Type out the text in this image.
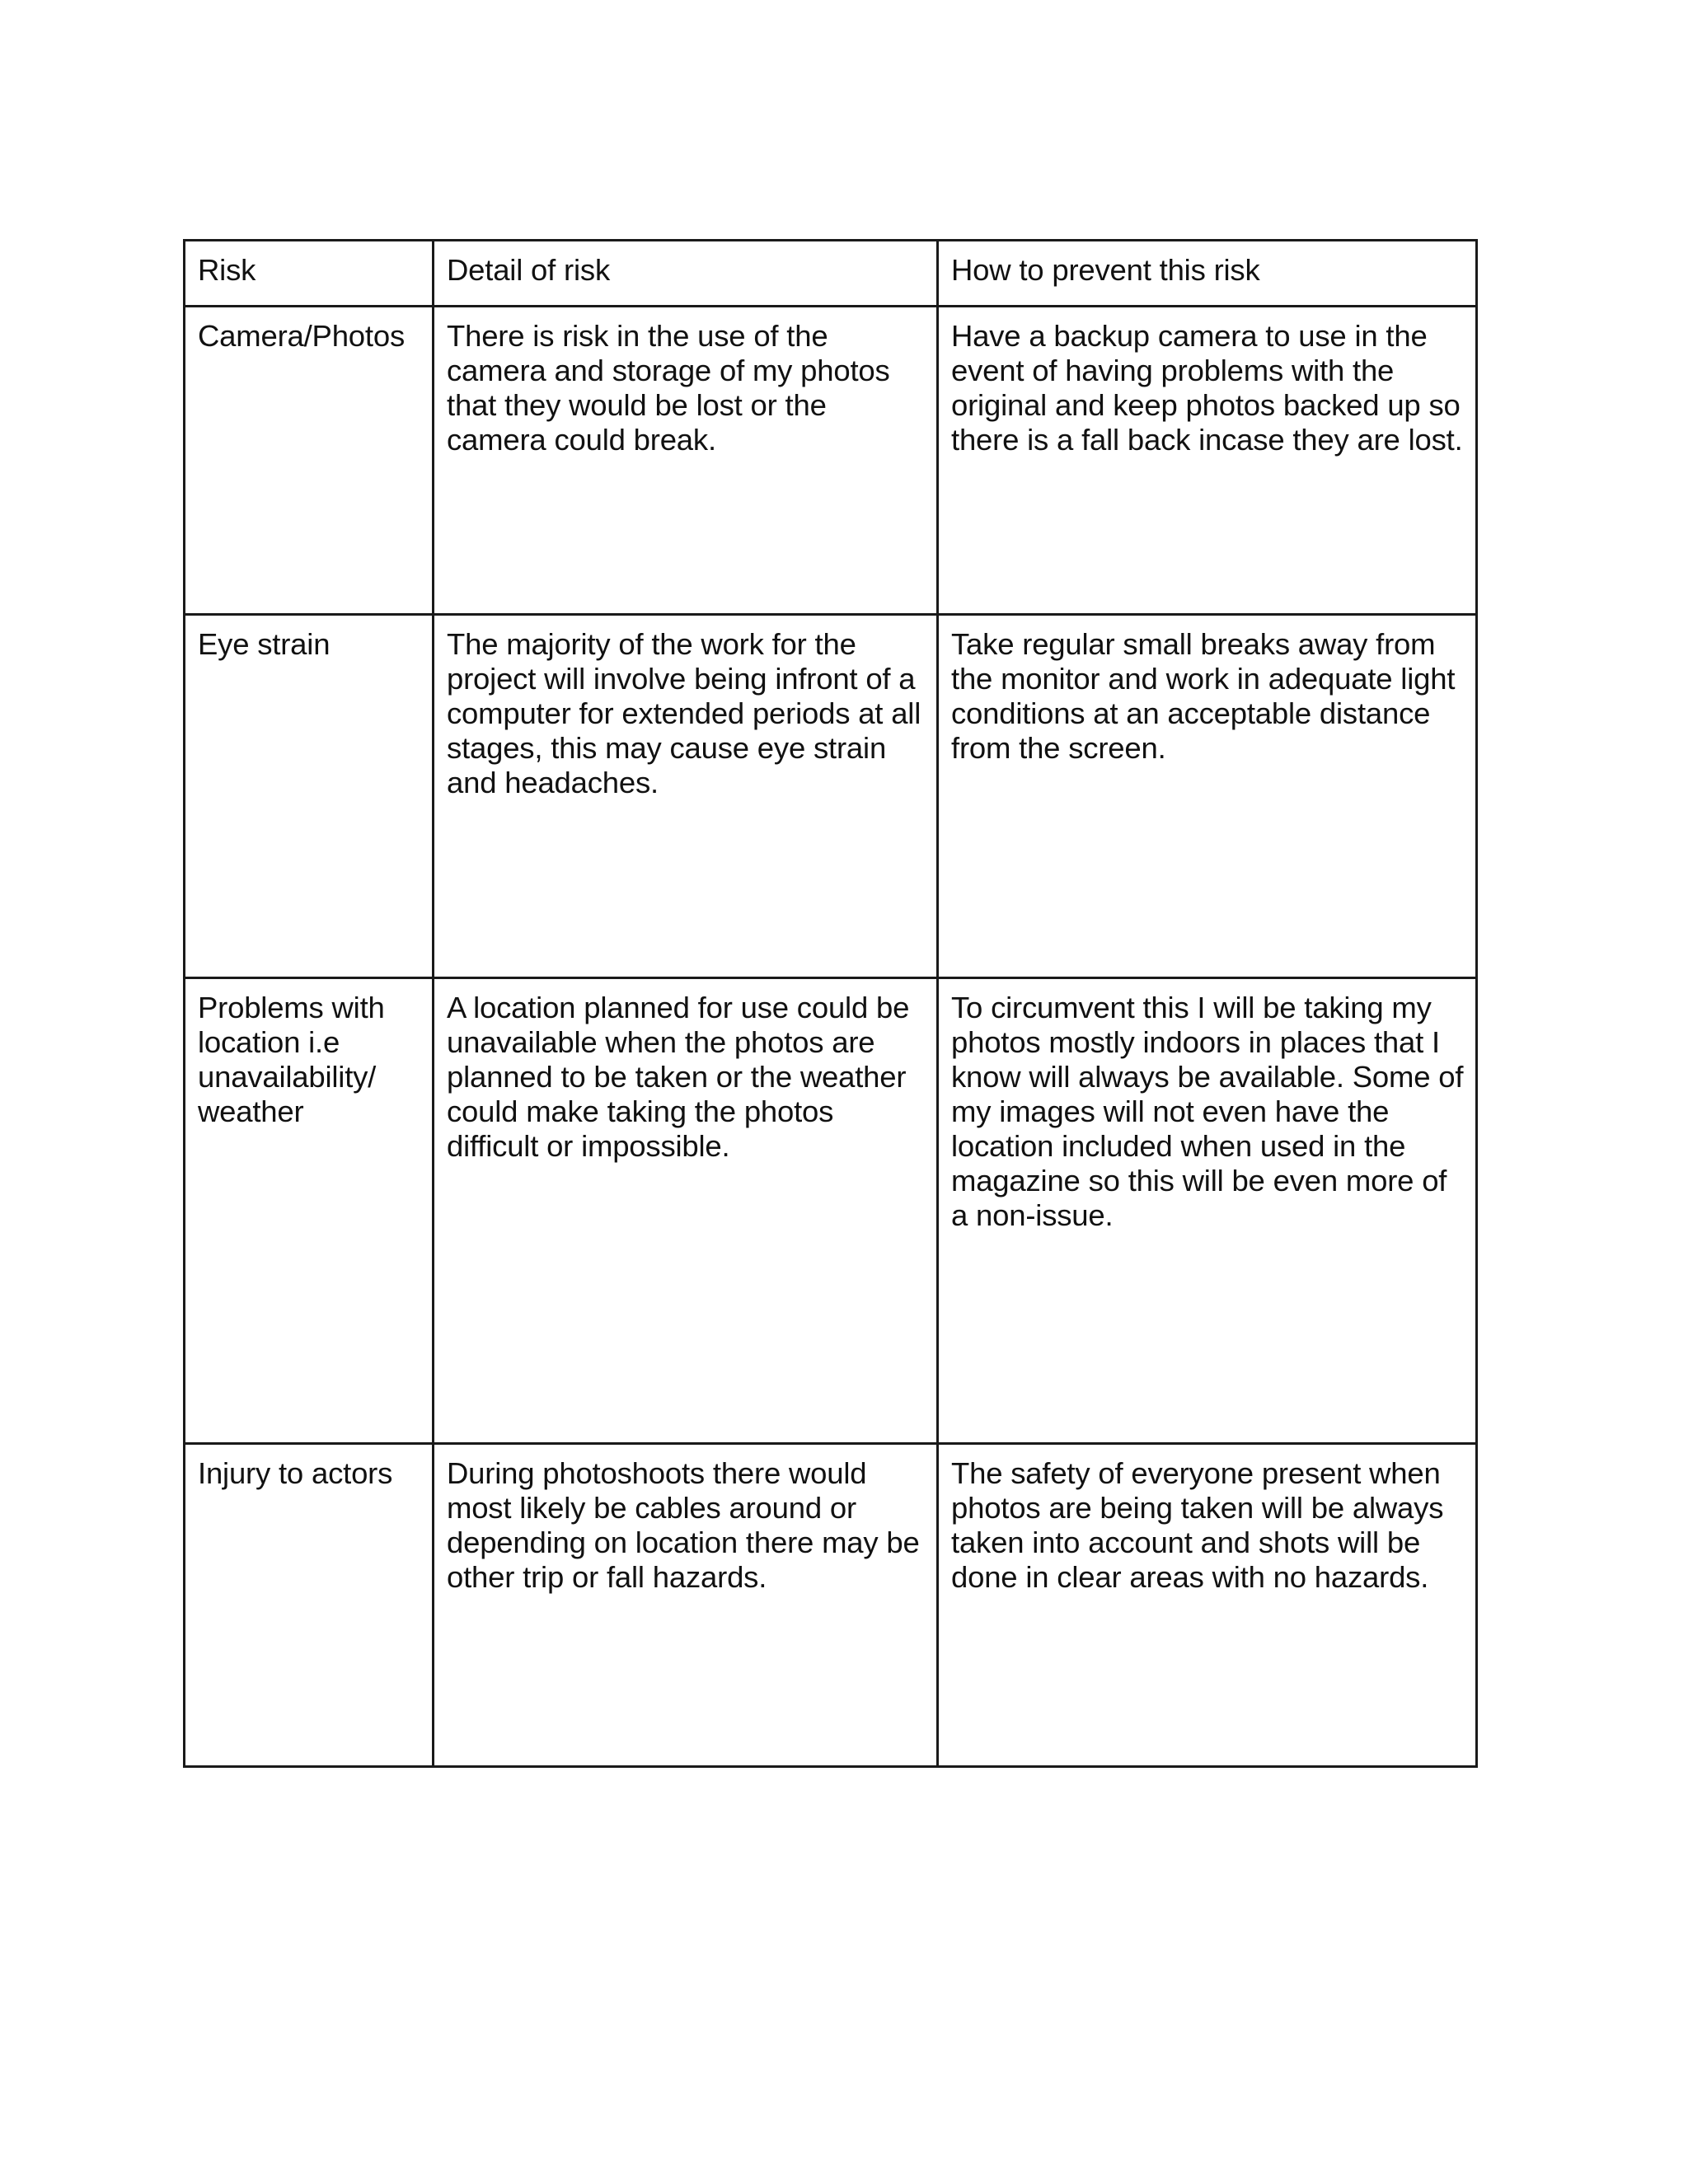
Risk	Detail of risk	How to prevent this risk

Camera/Photos	There is risk in the use of the camera and storage of my photos that they would be lost or the camera could break.	Have a backup camera to use in the event of having problems with the original and keep photos backed up so there is a fall back incase they are lost.

Eye strain	The majority of the work for the project will involve being infront of a computer for extended periods at all stages, this may cause eye strain and headaches.	Take regular small breaks away from the monitor and work in adequate light conditions at an acceptable distance from the screen.

Problems with location i.e unavailability/ weather	A location planned for use could be unavailable when the photos are planned to be taken or the weather could make taking the photos difficult or impossible.	To circumvent this I will be taking my photos mostly indoors in places that I know will always be available. Some of my images will not even have the location included when used in the magazine so this will be even more of a non-issue.

Injury to actors	During photoshoots there would most likely be cables around or depending on location there may be other trip or fall hazards.	The safety of everyone present when photos are being taken will be always taken into account and shots will be done in clear areas with no hazards.
